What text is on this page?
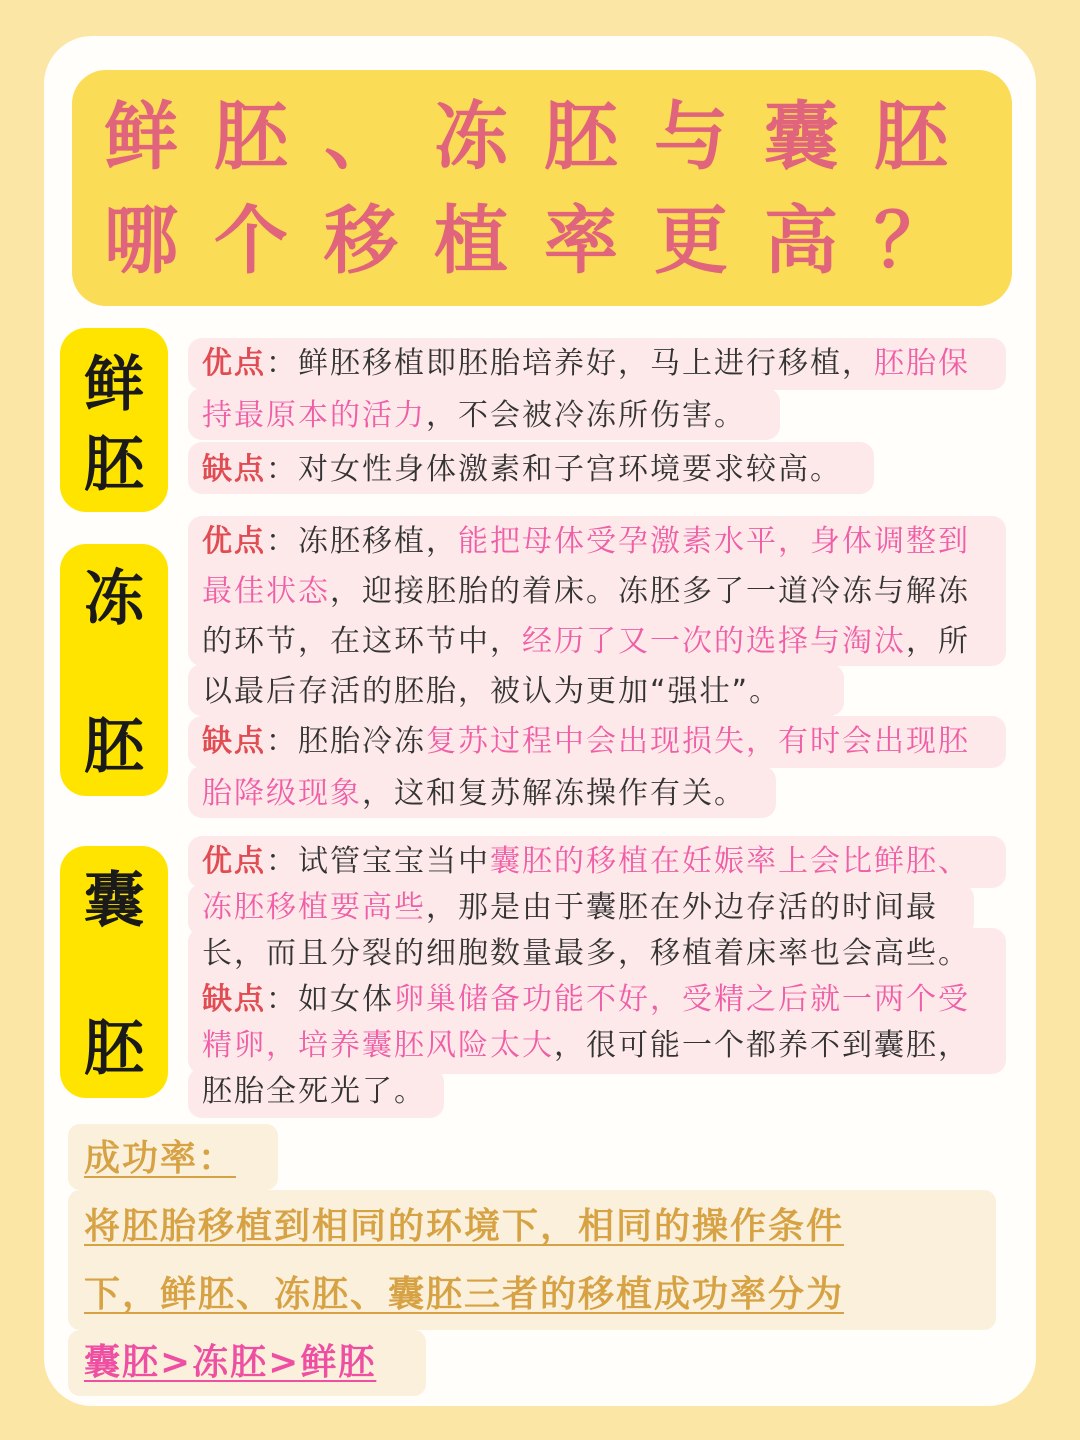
鲜胚、冻胚与囊胚
哪个移植率更高？
鲜
胚

优点：鲜胚移植即胚胎培养好，马上进行移植，胚胎保

持最原本的活力，不会被冷冻所伤害。

缺点：对女性身体激素和子宫环境要求较高。

冻
胚

优点：冻胚移植，能把母体受孕激素水平，身体调整到

最佳状态，迎接胚胎的着床。冻胚多了一道冷冻与解冻

的环节，在这环节中，经历了又一次的选择与淘汰，所

以最后存活的胚胎，被认为更加“强壮”。

缺点：胚胎冷冻复苏过程中会出现损失，有时会出现胚

胎降级现象，这和复苏解冻操作有关。

囊
胚

优点：试管宝宝当中囊胚的移植在妊娠率上会比鲜胚、

冻胚移植要高些，那是由于囊胚在外边存活的时间最

长，而且分裂的细胞数量最多，移植着床率也会高些。

缺点：如女体卵巢储备功能不好，受精之后就一两个受

精卵，培养囊胚风险太大，很可能一个都养不到囊胚，

胚胎全死光了。

成功率：

将胚胎移植到相同的环境下，相同的操作条件

下，鲜胚、冻胚、囊胚三者的移植成功率分为

囊胚>冻胚>鲜胚
